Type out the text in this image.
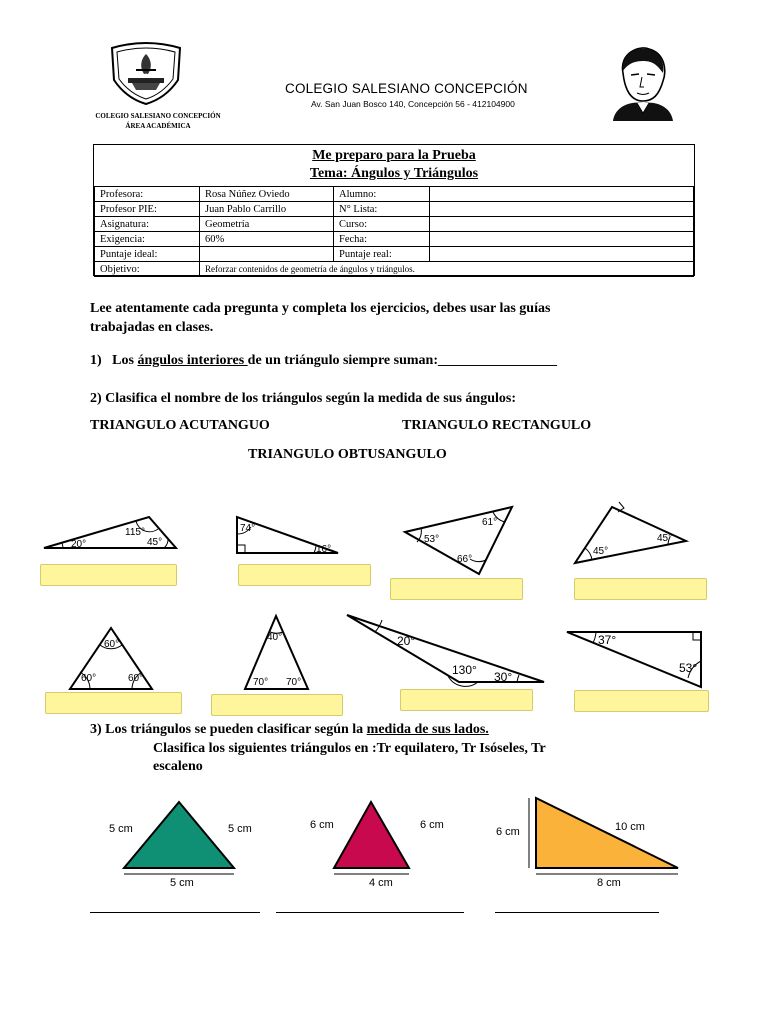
ORA
COLEGIO SALESIANO CONCEPCIÓN
ÁREA ACADÉMICA
COLEGIO SALESIANO CONCEPCIÓN
Av. San Juan Bosco 140, Concepción 56 - 412104900
Me preparo para la Prueba
Tema: Ángulos y Triángulos
Profesora:	Rosa Núñez Oviedo	Alumno:	
Profesor PIE:	Juan Pablo Carrillo	N° Lista:	
Asignatura:	Geometría	Curso:	
Exigencia:	60%	Fecha:	
Puntaje ideal:		Puntaje real:	
Objetivo:	Reforzar contenidos de geometría de ángulos y triángulos.		
Lee atentamente cada pregunta y completa los ejercicios, debes usar las guías
trabajadas en clases.
1) Los ángulos interiores de un triángulo siempre suman:_________________
2) Clasifica el nombre de los triángulos según la medida de sus ángulos:
TRIANGULO ACUTANGUO	TRIANGULO RECTANGULO
TRIANGULO OBTUSANGULO
20°
115°
45°
74°
16°
61°
53°
66°
45°
45°
60°
60°	60°
40°
70° 70°
20°
130° 30°
37°
53°
3) Los triángulos se pueden clasificar según la medida de sus lados.
Clasifica los siguientes triángulos en :Tr equilatero, Tr Isóseles, Tr
escaleno
5 cm	5 cm
5 cm
6 cm	6 cm
4 cm
6 cm	10 cm
8 cm
